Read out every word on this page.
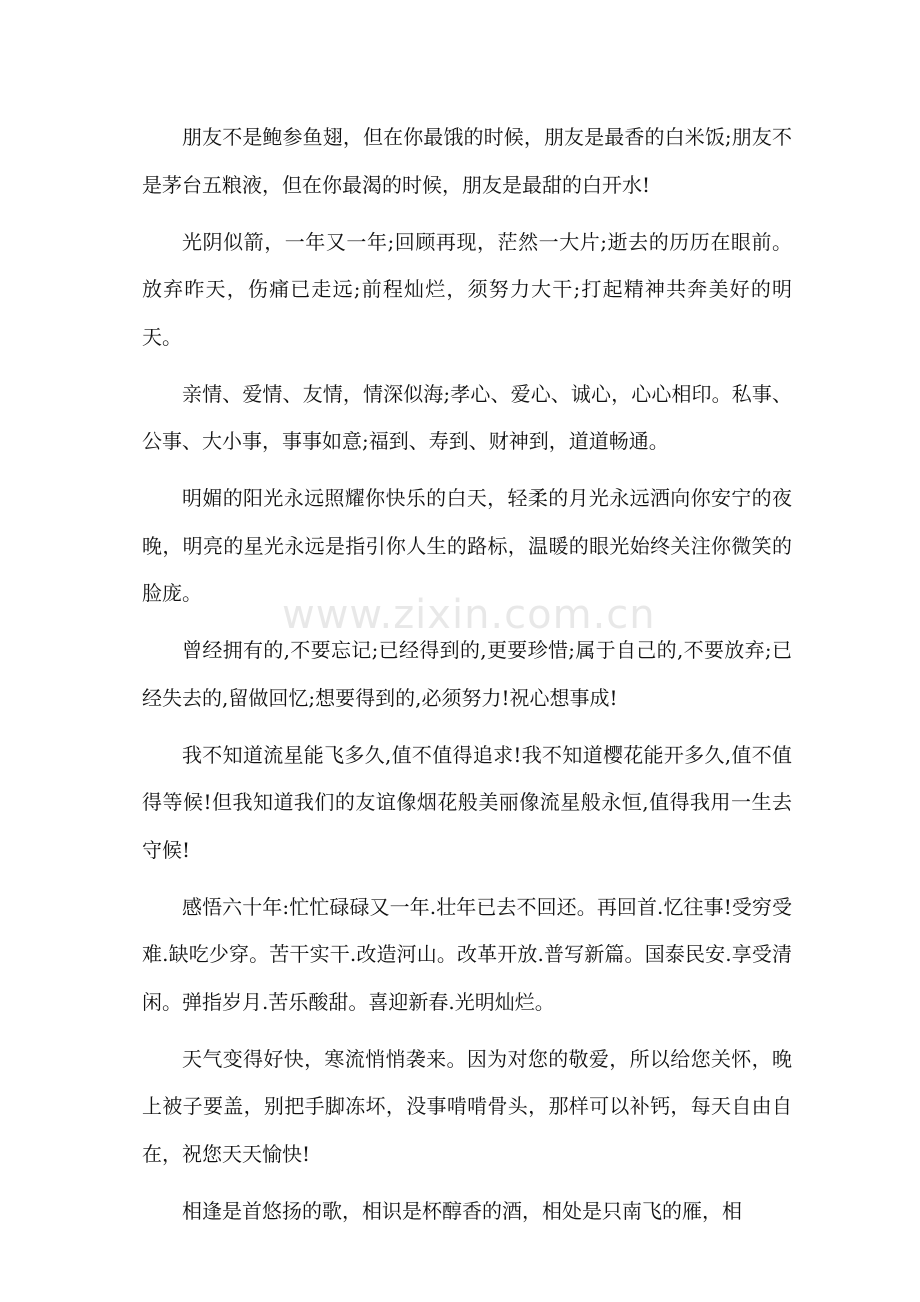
朋友不是鲍参鱼翅，但在你最饿的时候，朋友是最香的白米饭;朋友不是茅台五粮液，但在你最渴的时候，朋友是最甜的白开水!

光阴似箭，一年又一年;回顾再现，茫然一大片;逝去的历历在眼前。放弃昨天，伤痛已走远;前程灿烂，须努力大干;打起精神共奔美好的明天。

亲情、爱情、友情，情深似海;孝心、爱心、诚心，心心相印。私事、公事、大小事，事事如意;福到、寿到、财神到，道道畅通。

明媚的阳光永远照耀你快乐的白天，轻柔的月光永远洒向你安宁的夜晚，明亮的星光永远是指引你人生的路标，温暖的眼光始终关注你微笑的脸庞。

曾经拥有的,不要忘记;已经得到的,更要珍惜;属于自己的,不要放弃;已经失去的,留做回忆;想要得到的,必须努力!祝心想事成!

我不知道流星能飞多久,值不值得追求!我不知道樱花能开多久,值不值得等候!但我知道我们的友谊像烟花般美丽像流星般永恒,值得我用一生去守候!

感悟六十年:忙忙碌碌又一年.壮年已去不回还。再回首.忆往事!受穷受难.缺吃少穿。苦干实干.改造河山。改革开放.普写新篇。国泰民安.享受清闲。弹指岁月.苦乐酸甜。喜迎新春.光明灿烂。

天气变得好快，寒流悄悄袭来。因为对您的敬爱，所以给您关怀，晚上被子要盖，别把手脚冻坏，没事啃啃骨头，那样可以补钙，每天自由自在，祝您天天愉快!

相逢是首悠扬的歌，相识是杯醇香的酒，相处是只南飞的雁，相

www.zixin.com.cn
